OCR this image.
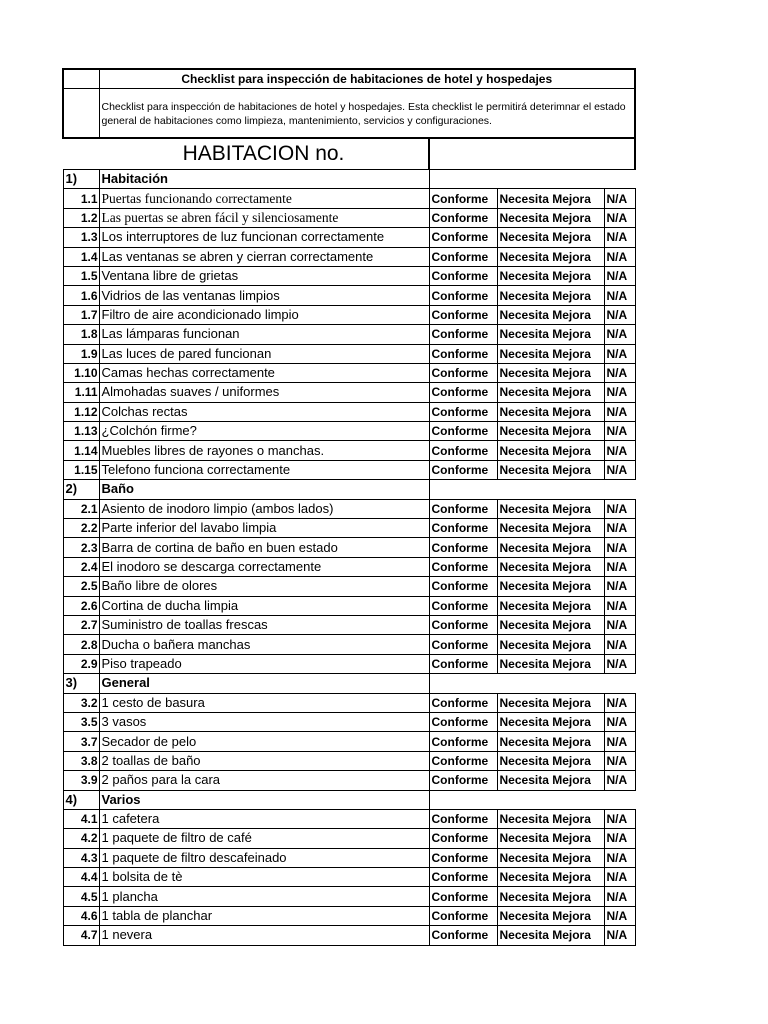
	Checklist para inspección de habitaciones de hotel y hospedajes			
	Checklist para inspección de habitaciones de hotel y hospedajes. Esta checklist le permitirá deterimnar el estado general de habitaciones como limpieza, mantenimiento, servicios y configuraciones.			
	HABITACION no.			
1)	Habitación			
1.1	Puertas funcionando correctamente	Conforme	Necesita Mejora	N/A
1.2	Las puertas se abren fácil y silenciosamente	Conforme	Necesita Mejora	N/A
1.3	Los interruptores de luz funcionan correctamente	Conforme	Necesita Mejora	N/A
1.4	Las ventanas se abren y cierran correctamente	Conforme	Necesita Mejora	N/A
1.5	Ventana libre de grietas	Conforme	Necesita Mejora	N/A
1.6	Vidrios de las ventanas limpios	Conforme	Necesita Mejora	N/A
1.7	Filtro de aire acondicionado limpio	Conforme	Necesita Mejora	N/A
1.8	Las lámparas funcionan	Conforme	Necesita Mejora	N/A
1.9	Las luces de pared funcionan	Conforme	Necesita Mejora	N/A
1.10	Camas hechas correctamente	Conforme	Necesita Mejora	N/A
1.11	Almohadas suaves / uniformes	Conforme	Necesita Mejora	N/A
1.12	Colchas rectas	Conforme	Necesita Mejora	N/A
1.13	¿Colchón firme?	Conforme	Necesita Mejora	N/A
1.14	Muebles libres de rayones o manchas.	Conforme	Necesita Mejora	N/A
1.15	Telefono funciona correctamente	Conforme	Necesita Mejora	N/A
2)	Baño			
2.1	Asiento de inodoro limpio (ambos lados)	Conforme	Necesita Mejora	N/A
2.2	Parte inferior del lavabo limpia	Conforme	Necesita Mejora	N/A
2.3	Barra de cortina de baño en buen estado	Conforme	Necesita Mejora	N/A
2.4	El inodoro se descarga correctamente	Conforme	Necesita Mejora	N/A
2.5	Baño libre de olores	Conforme	Necesita Mejora	N/A
2.6	Cortina de ducha limpia	Conforme	Necesita Mejora	N/A
2.7	Suministro de toallas frescas	Conforme	Necesita Mejora	N/A
2.8	Ducha o bañera manchas	Conforme	Necesita Mejora	N/A
2.9	Piso trapeado	Conforme	Necesita Mejora	N/A
3)	General			
3.2	1 cesto de basura	Conforme	Necesita Mejora	N/A
3.5	3 vasos	Conforme	Necesita Mejora	N/A
3.7	Secador de pelo	Conforme	Necesita Mejora	N/A
3.8	2 toallas de baño	Conforme	Necesita Mejora	N/A
3.9	2 paños para la cara	Conforme	Necesita Mejora	N/A
4)	Varios			
4.1	1 cafetera	Conforme	Necesita Mejora	N/A
4.2	1 paquete de filtro de café	Conforme	Necesita Mejora	N/A
4.3	1 paquete de filtro descafeinado	Conforme	Necesita Mejora	N/A
4.4	1 bolsita de tè	Conforme	Necesita Mejora	N/A
4.5	1 plancha	Conforme	Necesita Mejora	N/A
4.6	1 tabla de planchar	Conforme	Necesita Mejora	N/A
4.7	1 nevera	Conforme	Necesita Mejora	N/A
